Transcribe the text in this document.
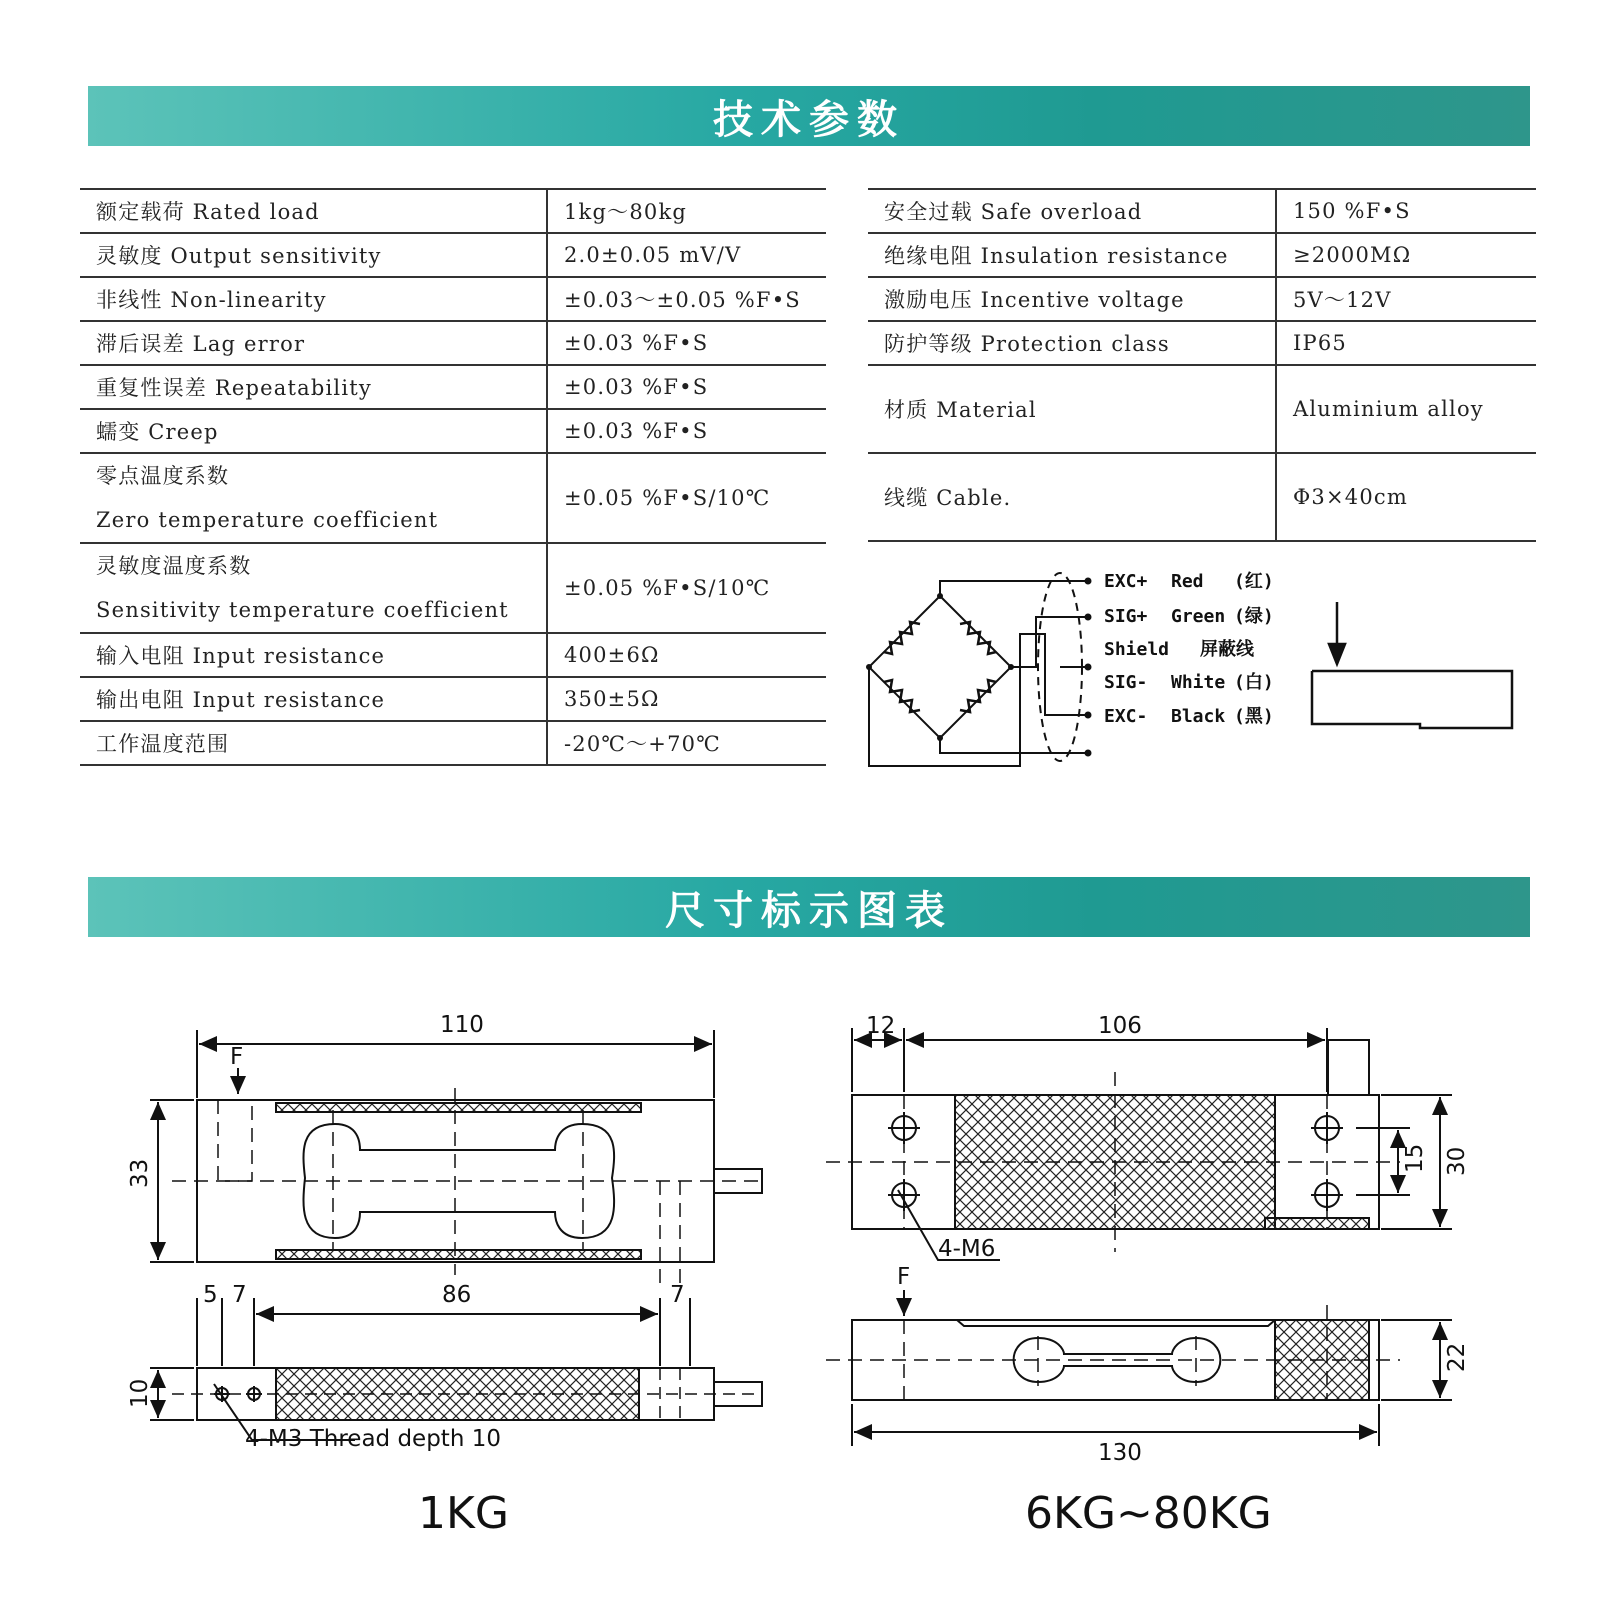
技术参数
尺寸标示图表
额定载荷 Rated load	1kg～80kg
灵敏度 Output sensitivity	2.0±0.05 mV/V
非线性 Non-linearity	±0.03～±0.05 %F•S
滞后误差 Lag error	±0.03 %F•S
重复性误差 Repeatability	±0.03 %F•S
蠕变 Creep	±0.03 %F•S

零点温度系数
Zero temperature coefficient	±0.05 %F•S/10℃

灵敏度温度系数
Sensitivity temperature coefficient	±0.05 %F•S/10℃
输入电阻 Input resistance	400±6Ω
输出电阻 Input resistance	350±5Ω
工作温度范围	-20℃～+70℃
安全过载 Safe overload	150 %F•S
绝缘电阻 Insulation resistance	≥2000MΩ
激励电压 Incentive voltage	5V～12V
防护等级 Protection class	IP65
材质 Material	Aluminium alloy
线缆 Cable.	Φ3×40cm
EXC+ Red (红)
SIG+ Green (绿)
Shield 屏蔽线
SIG- White (白)
EXC- Black (黑)
110
F
33
5 7	86	7
10
4-M3 Thread depth 10
12	106
15 30
4-M6
F
22
130
1KG	6KG~80KG
